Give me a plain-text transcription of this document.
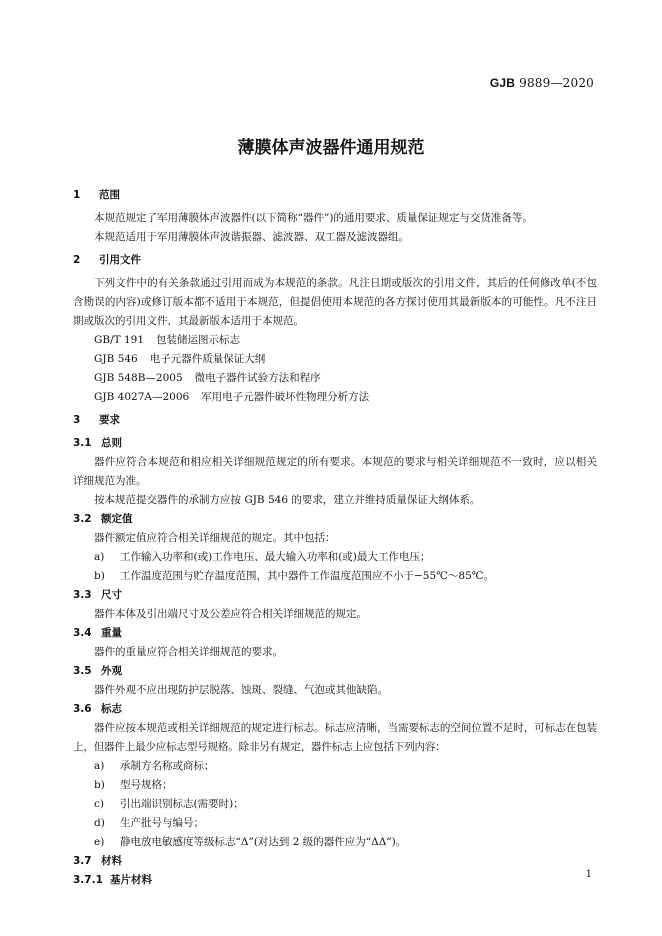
GJB 9889—2020
薄膜体声波器件通用规范
1 范围

本规范规定了军用薄膜体声波器件(以下简称“器件”)的通用要求、质量保证规定与交货准备等。

本规范适用于军用薄膜体声波谐振器、滤波器、双工器及滤波器组。

2 引用文件

下列文件中的有关条款通过引用而成为本规范的条款。凡注日期或版次的引用文件，其后的任何修改单(不包含勘误的内容)或修订版本都不适用于本规范，但提倡使用本规范的各方探讨使用其最新版本的可能性。凡不注日期或版次的引用文件，其最新版本适用于本规范。

GB/T 191 包装储运图示标志
GJB 546 电子元器件质量保证大纲
GJB 548B—2005 微电子器件试验方法和程序
GJB 4027A—2006 军用电子元器件破坏性物理分析方法
3 要求
3.1 总则

器件应符合本规范和相应相关详细规范规定的所有要求。本规范的要求与相关详细规范不一致时，应以相关详细规范为准。

按本规范提交器件的承制方应按 GJB 546 的要求，建立并维持质量保证大纲体系。

3.2 额定值

器件额定值应符合相关详细规范的规定。其中包括：

a) 工作输入功率和(或)工作电压、最大输入功率和(或)最大工作电压；
b) 工作温度范围与贮存温度范围，其中器件工作温度范围应不小于−55℃～85℃。
3.3 尺寸

器件本体及引出端尺寸及公差应符合相关详细规范的规定。

3.4 重量

器件的重量应符合相关详细规范的要求。

3.5 外观

器件外观不应出现防护层脱落、蚀斑、裂缝、气泡或其他缺陷。

3.6 标志

器件应按本规范或相关详细规范的规定进行标志。标志应清晰，当需要标志的空间位置不足时，可标志在包装上，但器件上最少应标志型号规格。除非另有规定，器件标志上应包括下列内容：

a) 承制方名称或商标；
b) 型号规格；
c) 引出端识别标志(需要时)；
d) 生产批号与编号；
e) 静电放电敏感度等级标志“Δ”(对达到 2 级的器件应为“ΔΔ”)。
3.7 材料
3.7.1 基片材料	1
